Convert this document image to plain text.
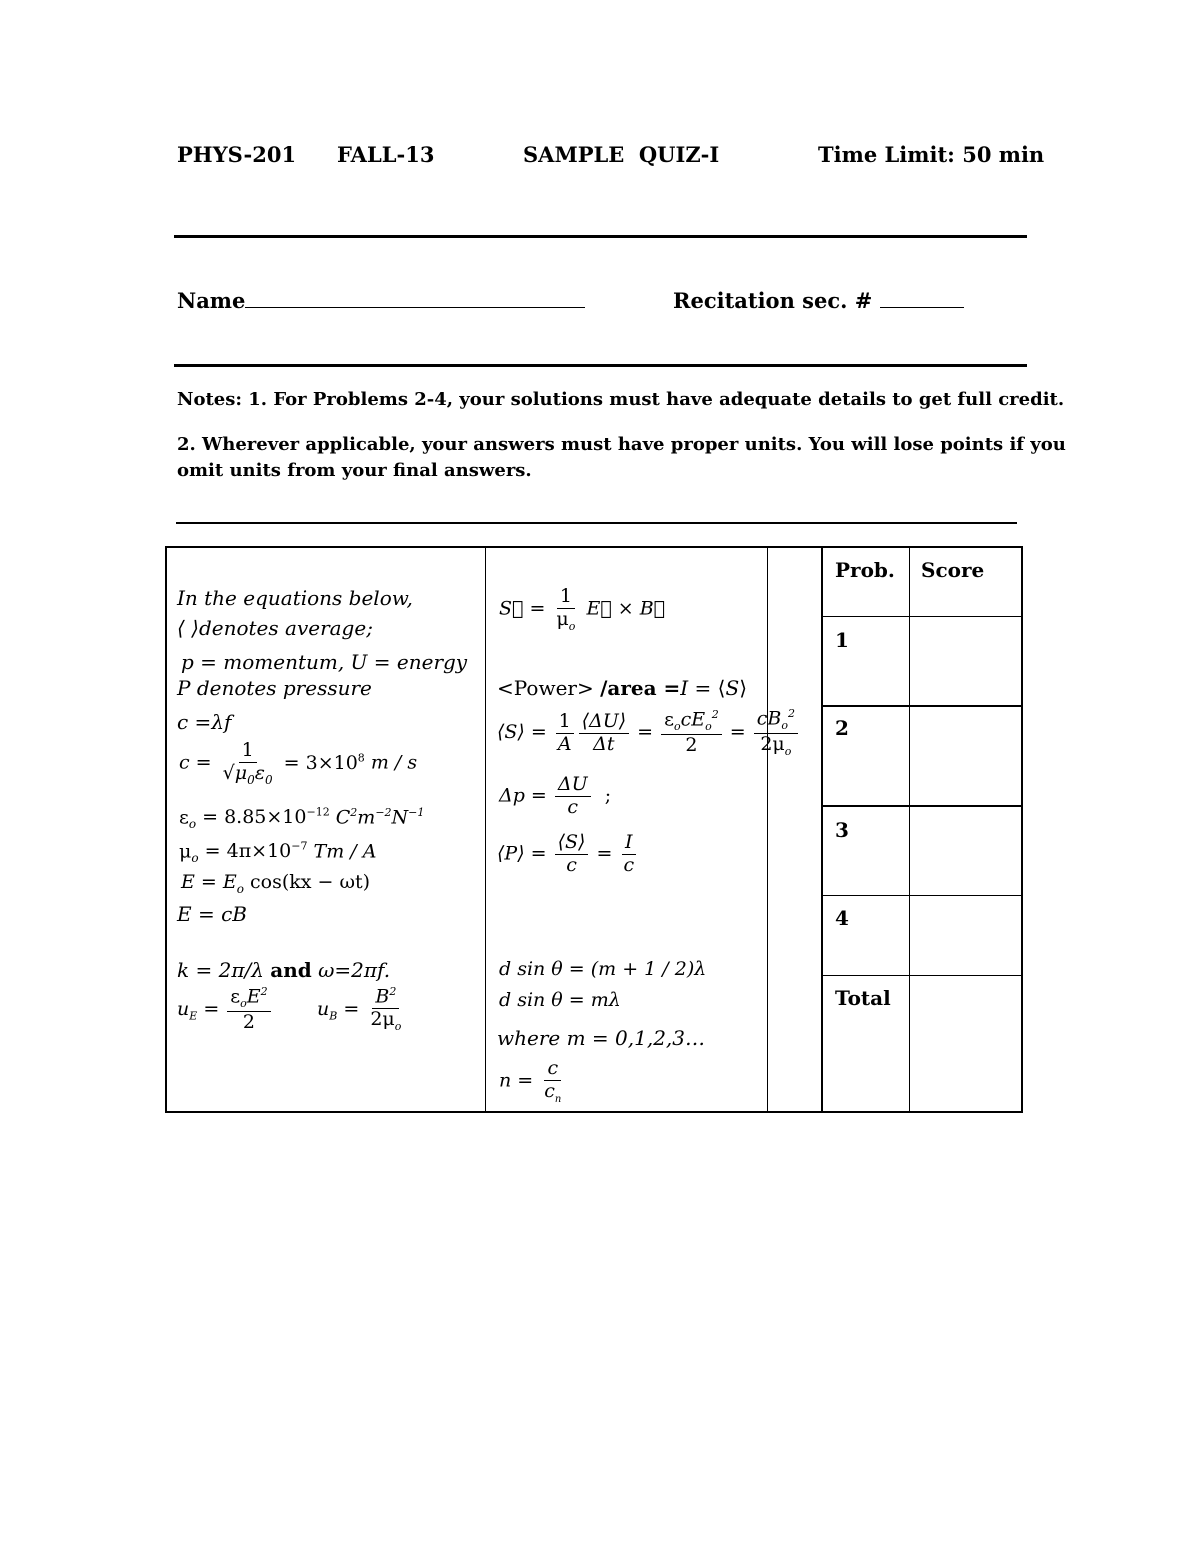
PHYS-201 FALL-13	SAMPLE  QUIZ-I	Time Limit: 50 min
Name	Recitation sec. #
Notes: 1. For Problems 2-4, your solutions must have adequate details to get full credit.
2. Wherever applicable, your answers must have proper units. You will lose points if you
omit units from your final answers.
In the equations below,
⟨ ⟩denotes average;
p = momentum, U = energy
P denotes pressure
c =λf
$c = \frac{1}{√\mu_0\varepsilon_0} = 3\times 10^8$ m / s
$\varepsilon_o = 8.85\times 10^{-12}$ $C^2m^{-2}N^{-1}$
$\mu_o = 4\pi\times 10^{-7}$ Tm / A
$E = E_o$ cos(kx − ωt)
E = cB
k = 2π/λ and ω=2πf.
$u_E = \frac{\varepsilon_oE^2}{2} u_B = \frac{B^2}{2\mu_o}$
S⃗ = $\frac{1}{\mu_o}$ E⃗ × B⃗
<Power> /area =I = ⟨S⟩
⟨S⟩ = $\frac{1}{A} \frac{⟨\Delta U⟩}{\Delta t} = \frac{\varepsilon_ocE_o^2}{2} = \frac{cB_o^2}{2\mu_o}$
$\Delta p = \frac{\Delta U}{c}$ ;
⟨P⟩ = $\frac{⟨S⟩}{c} = \frac{I}{c}$
d sin θ = (m + 1 / 2)λ
d sin θ = mλ
where m = 0,1,2,3…
$n = \frac{c}{c_n}$
Prob. Score
1
2
3
4
Total
